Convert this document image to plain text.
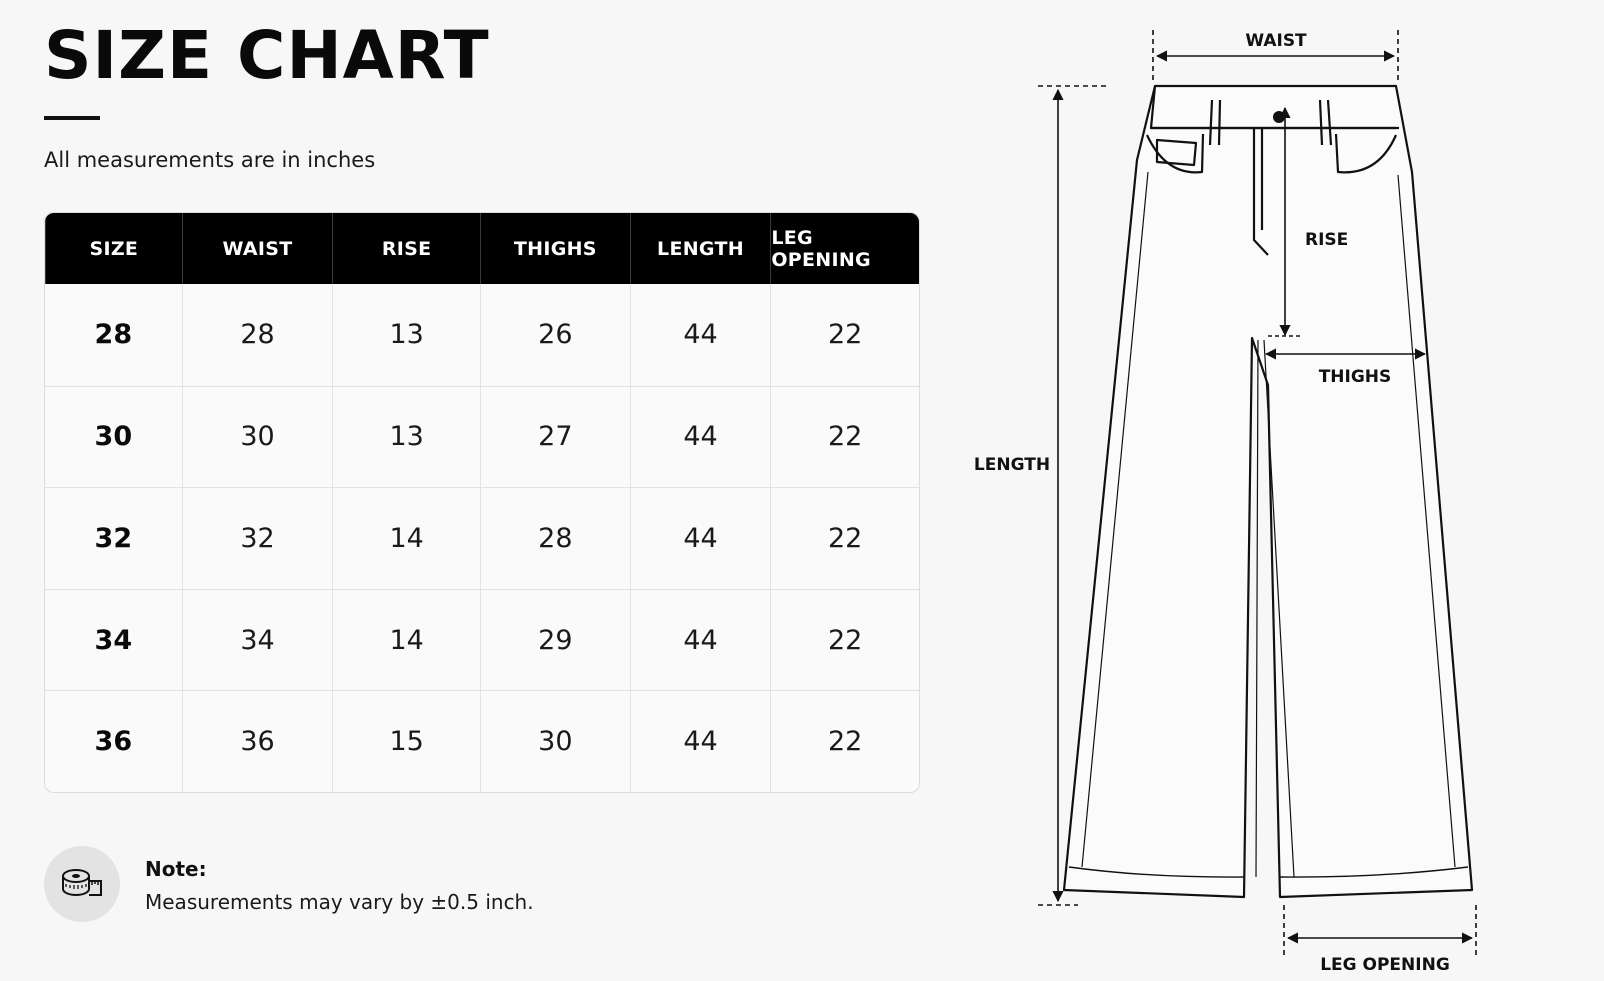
SIZE CHART
All measurements are in inches
SIZE	WAIST	RISE	THIGHS	LENGTH	LEG OPENING
28	28	13	26	44	22
30	30	13	27	44	22
32	32	14	28	44	22
34	34	14	29	44	22
36	36	15	30	44	22
Note:
Measurements may vary by ±0.5 inch.
WAIST
RISE
THIGHS
LENGTH
LEG OPENING
